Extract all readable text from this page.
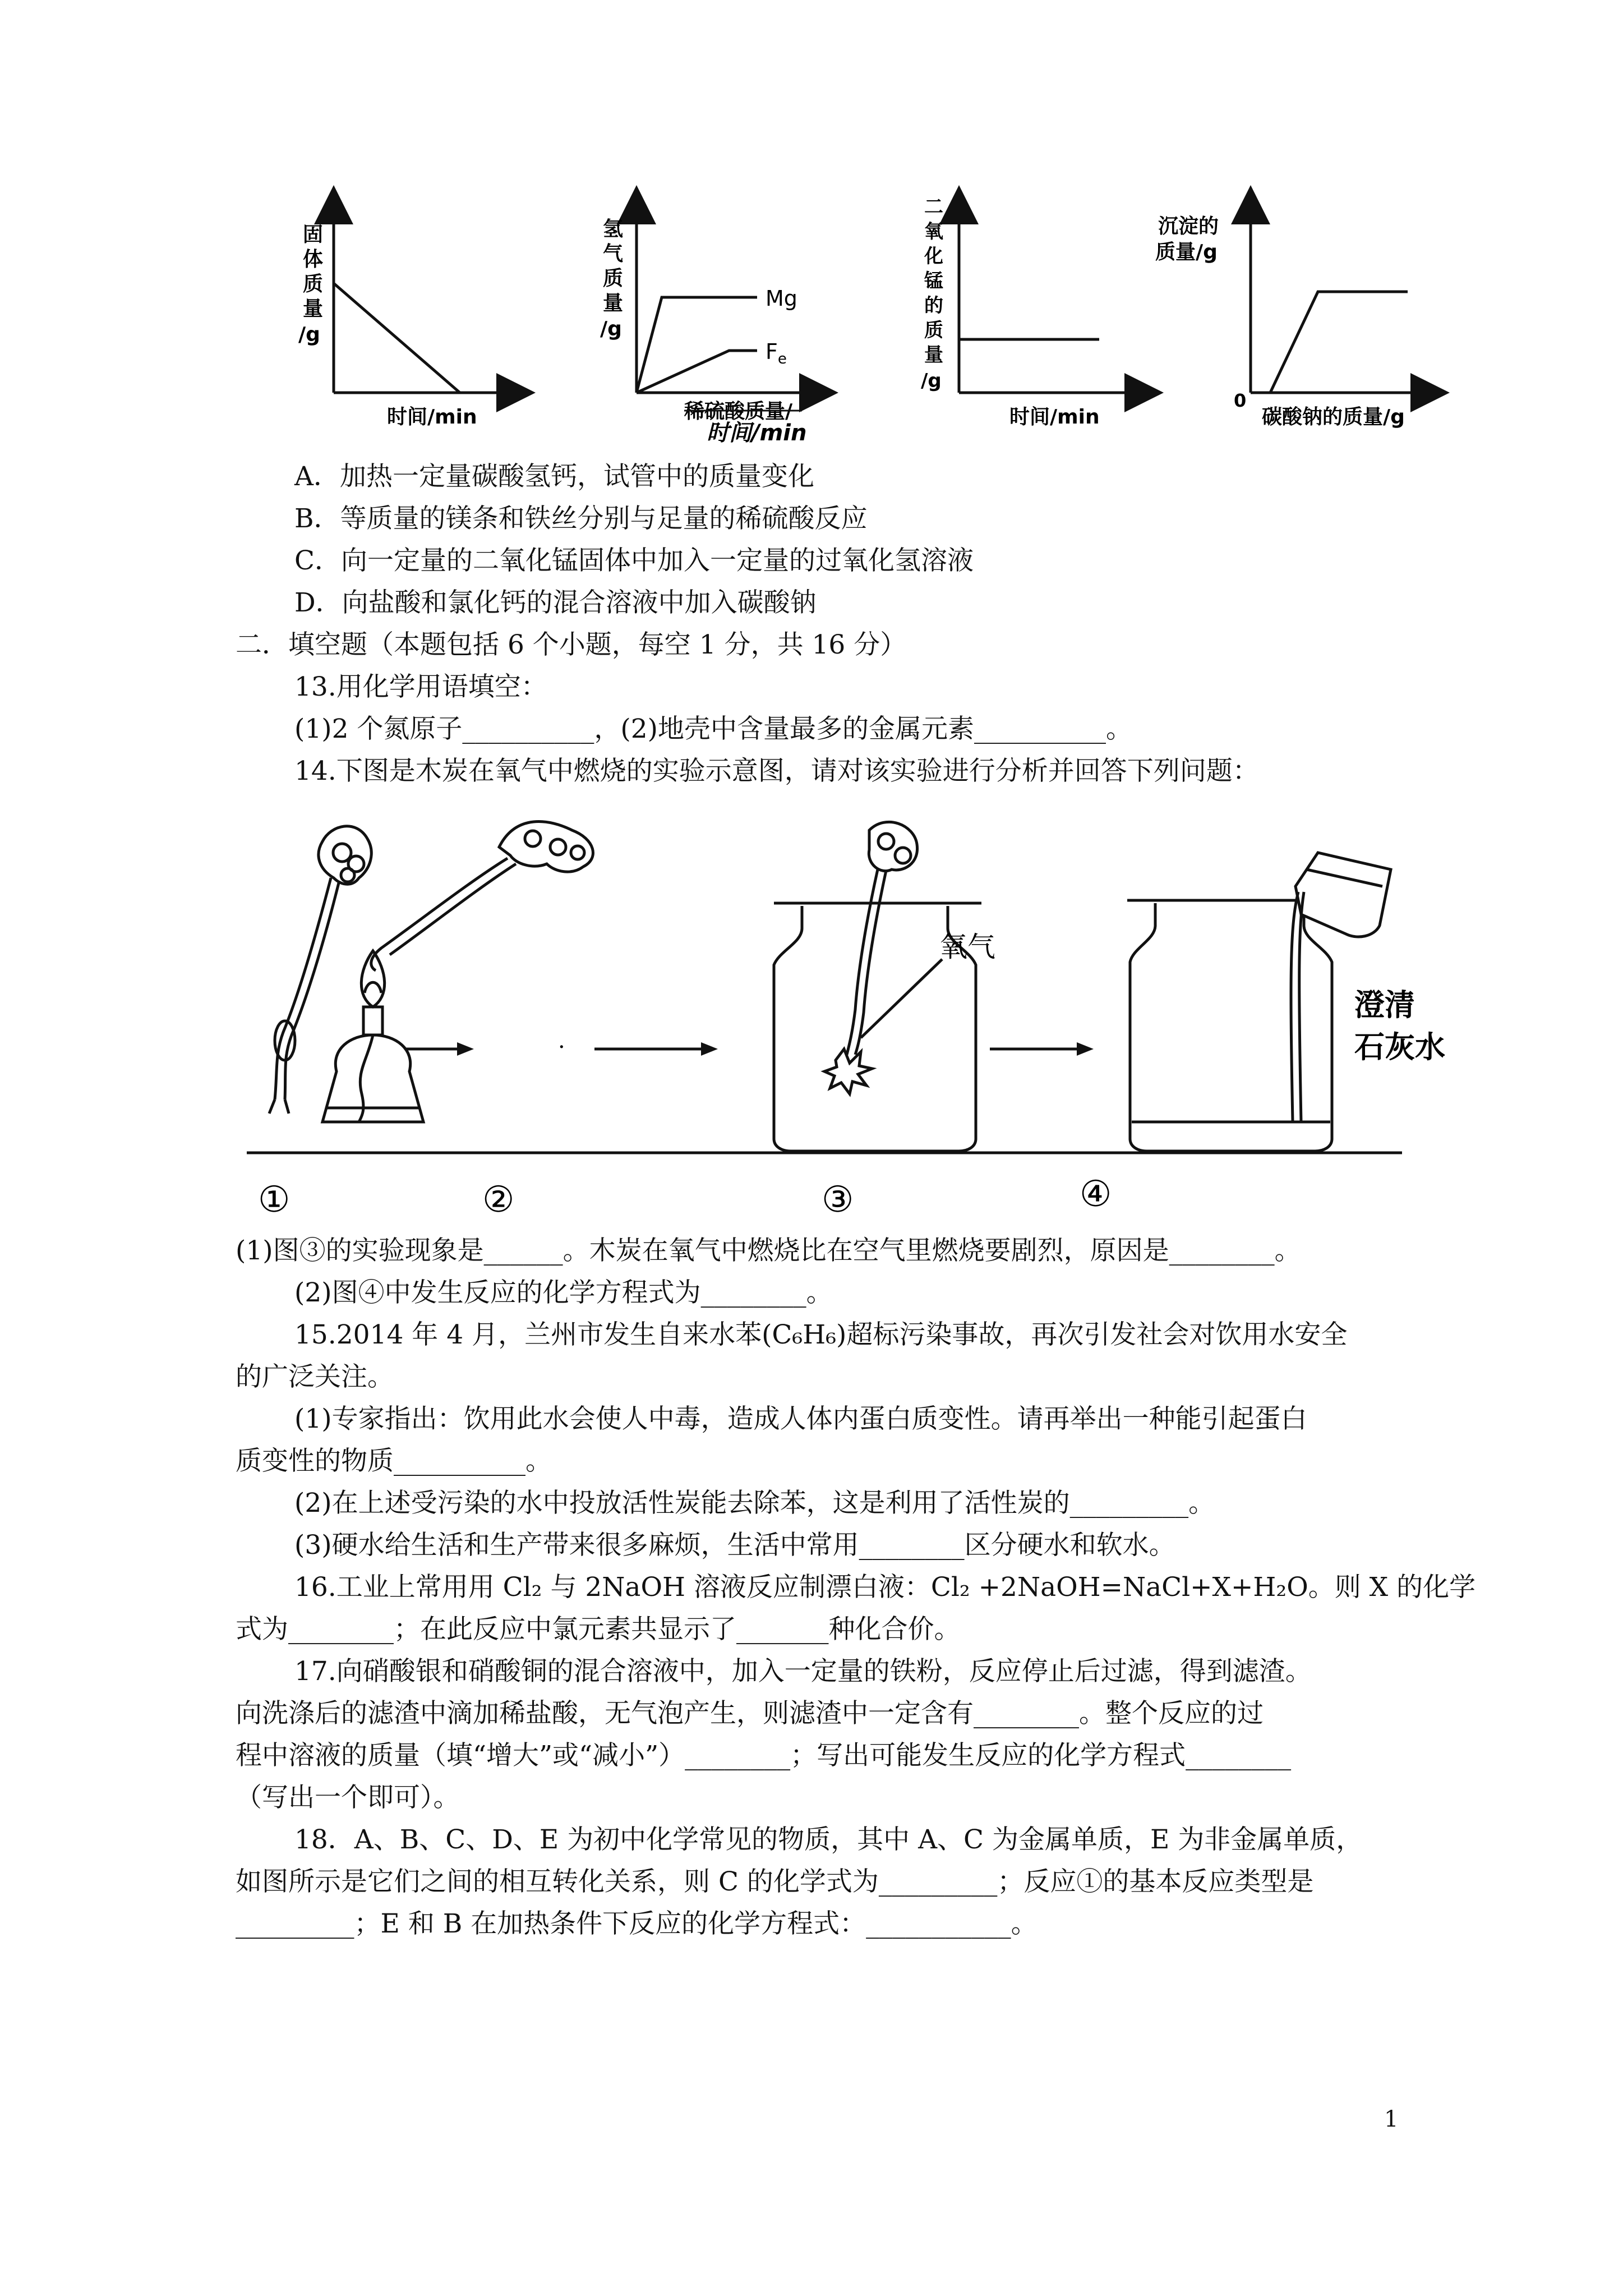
固体质量/g
时间/min
Mg
$F_e$
氢气质量/g
稀硫酸质量/
时间/min
二氧化锰的质量/g
时间/min
沉淀的质量/g
0
碳酸钠的质量/g
A．加热一定量碳酸氢钙，试管中的质量变化
B．等质量的镁条和铁丝分别与足量的稀硫酸反应
C．向一定量的二氧化锰固体中加入一定量的过氧化氢溶液
D．向盐酸和氯化钙的混合溶液中加入碳酸钠
二．填空题（本题包括 6 个小题，每空 1 分，共 16 分）
13.用化学用语填空：
(1)2 个氮原子__________，(2)地壳中含量最多的金属元素__________。
14.下图是木炭在氧气中燃烧的实验示意图，请对该实验进行分析并回答下列问题：
·
氧气
澄清
石灰水
①	②	③	④
(1)图③的实验现象是______。木炭在氧气中燃烧比在空气里燃烧要剧烈，原因是________。
(2)图④中发生反应的化学方程式为________。
15.2014 年 4 月，兰州市发生自来水苯(C₆H₆)超标污染事故，再次引发社会对饮用水安全
的广泛关注。
(1)专家指出：饮用此水会使人中毒，造成人体内蛋白质变性。请再举出一种能引起蛋白
质变性的物质__________。
(2)在上述受污染的水中投放活性炭能去除苯，这是利用了活性炭的_________。
(3)硬水给生活和生产带来很多麻烦，生活中常用________区分硬水和软水。
16.工业上常用用 Cl₂ 与 2NaOH 溶液反应制漂白液：Cl₂ +2NaOH=NaCl+X+H₂O。则 X 的化学
式为________；在此反应中氯元素共显示了_______种化合价。
17.向硝酸银和硝酸铜的混合溶液中，加入一定量的铁粉，反应停止后过滤，得到滤渣。
向洗涤后的滤渣中滴加稀盐酸，无气泡产生，则滤渣中一定含有________。整个反应的过
程中溶液的质量（填“增大”或“减小”）________；写出可能发生反应的化学方程式________
（写出一个即可）。
18．A、B、C、D、E 为初中化学常见的物质，其中 A、C 为金属单质，E 为非金属单质，
如图所示是它们之间的相互转化关系，则 C 的化学式为_________；反应①的基本反应类型是
_________；E 和 B 在加热条件下反应的化学方程式：___________。
1
